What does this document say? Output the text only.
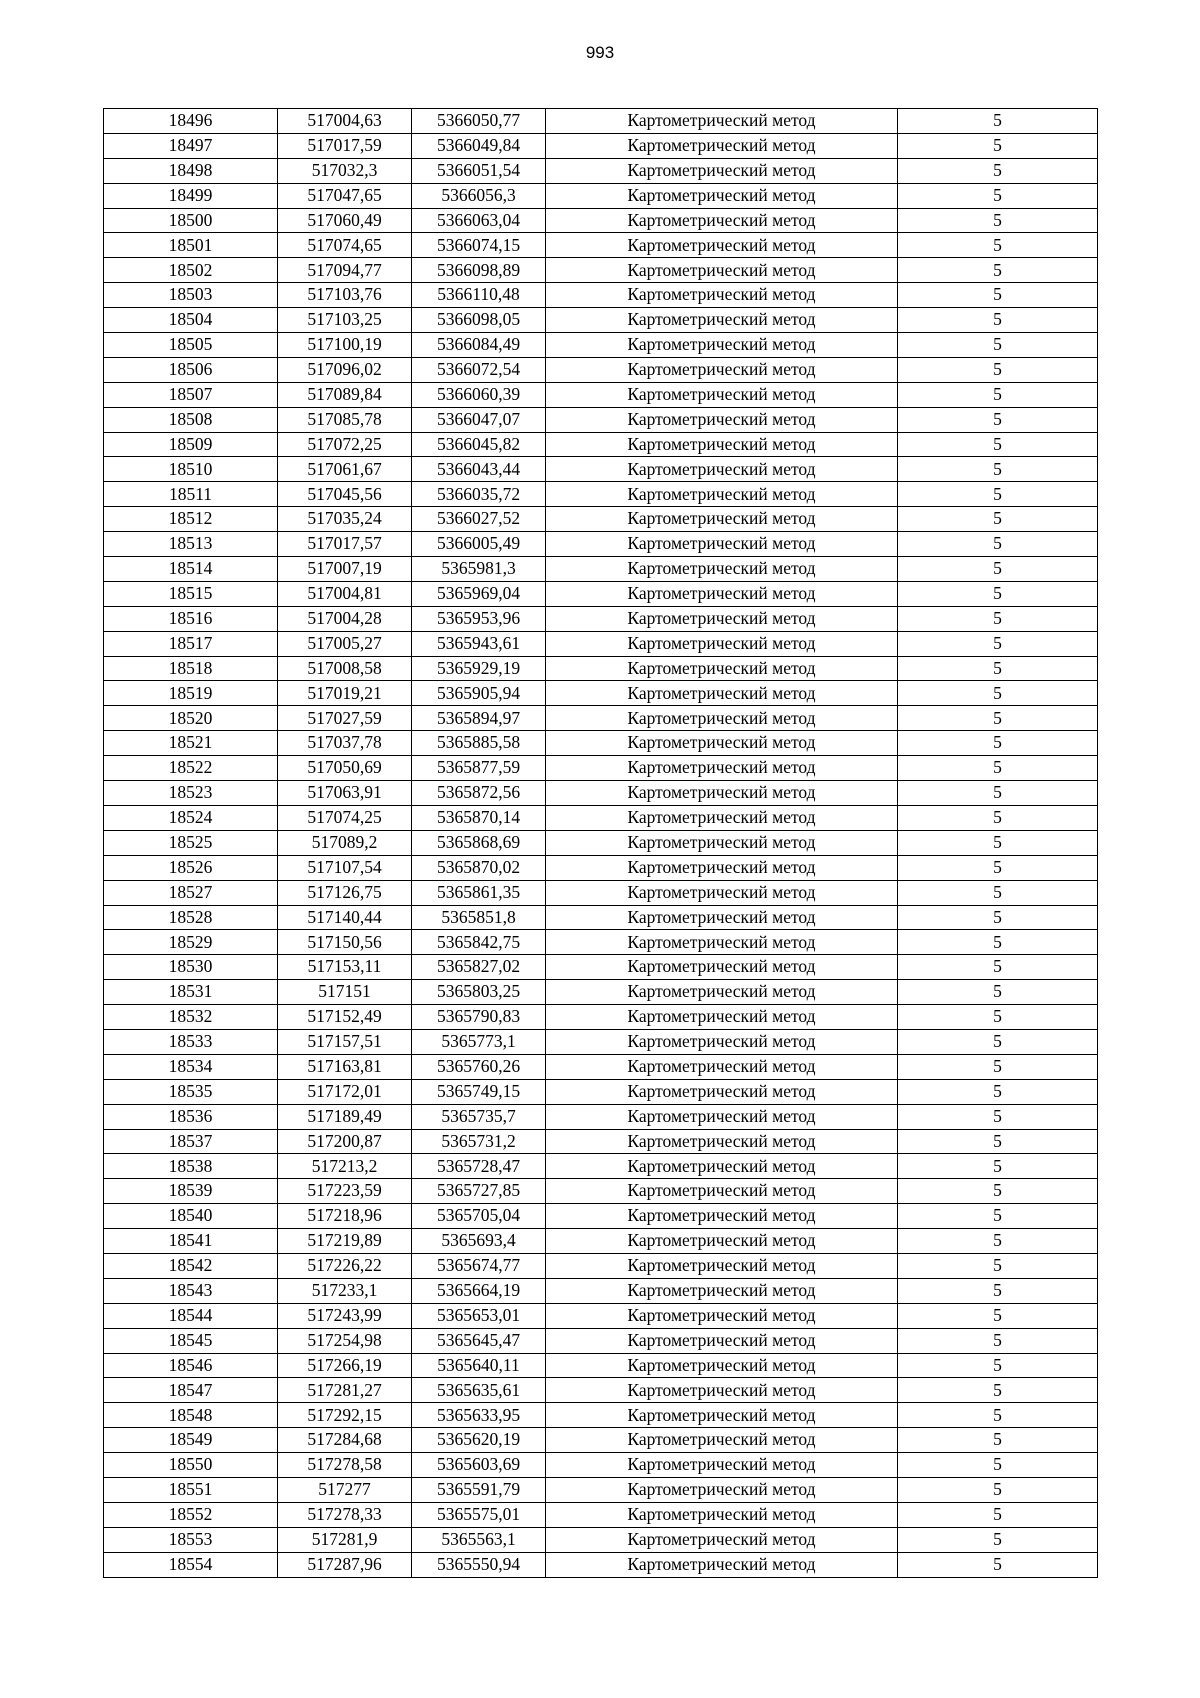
993
18496	517004,63	5366050,77	Картометрический метод	5
18497	517017,59	5366049,84	Картометрический метод	5
18498	517032,3	5366051,54	Картометрический метод	5
18499	517047,65	5366056,3	Картометрический метод	5
18500	517060,49	5366063,04	Картометрический метод	5
18501	517074,65	5366074,15	Картометрический метод	5
18502	517094,77	5366098,89	Картометрический метод	5
18503	517103,76	5366110,48	Картометрический метод	5
18504	517103,25	5366098,05	Картометрический метод	5
18505	517100,19	5366084,49	Картометрический метод	5
18506	517096,02	5366072,54	Картометрический метод	5
18507	517089,84	5366060,39	Картометрический метод	5
18508	517085,78	5366047,07	Картометрический метод	5
18509	517072,25	5366045,82	Картометрический метод	5
18510	517061,67	5366043,44	Картометрический метод	5
18511	517045,56	5366035,72	Картометрический метод	5
18512	517035,24	5366027,52	Картометрический метод	5
18513	517017,57	5366005,49	Картометрический метод	5
18514	517007,19	5365981,3	Картометрический метод	5
18515	517004,81	5365969,04	Картометрический метод	5
18516	517004,28	5365953,96	Картометрический метод	5
18517	517005,27	5365943,61	Картометрический метод	5
18518	517008,58	5365929,19	Картометрический метод	5
18519	517019,21	5365905,94	Картометрический метод	5
18520	517027,59	5365894,97	Картометрический метод	5
18521	517037,78	5365885,58	Картометрический метод	5
18522	517050,69	5365877,59	Картометрический метод	5
18523	517063,91	5365872,56	Картометрический метод	5
18524	517074,25	5365870,14	Картометрический метод	5
18525	517089,2	5365868,69	Картометрический метод	5
18526	517107,54	5365870,02	Картометрический метод	5
18527	517126,75	5365861,35	Картометрический метод	5
18528	517140,44	5365851,8	Картометрический метод	5
18529	517150,56	5365842,75	Картометрический метод	5
18530	517153,11	5365827,02	Картометрический метод	5
18531	517151	5365803,25	Картометрический метод	5
18532	517152,49	5365790,83	Картометрический метод	5
18533	517157,51	5365773,1	Картометрический метод	5
18534	517163,81	5365760,26	Картометрический метод	5
18535	517172,01	5365749,15	Картометрический метод	5
18536	517189,49	5365735,7	Картометрический метод	5
18537	517200,87	5365731,2	Картометрический метод	5
18538	517213,2	5365728,47	Картометрический метод	5
18539	517223,59	5365727,85	Картометрический метод	5
18540	517218,96	5365705,04	Картометрический метод	5
18541	517219,89	5365693,4	Картометрический метод	5
18542	517226,22	5365674,77	Картометрический метод	5
18543	517233,1	5365664,19	Картометрический метод	5
18544	517243,99	5365653,01	Картометрический метод	5
18545	517254,98	5365645,47	Картометрический метод	5
18546	517266,19	5365640,11	Картометрический метод	5
18547	517281,27	5365635,61	Картометрический метод	5
18548	517292,15	5365633,95	Картометрический метод	5
18549	517284,68	5365620,19	Картометрический метод	5
18550	517278,58	5365603,69	Картометрический метод	5
18551	517277	5365591,79	Картометрический метод	5
18552	517278,33	5365575,01	Картометрический метод	5
18553	517281,9	5365563,1	Картометрический метод	5
18554	517287,96	5365550,94	Картометрический метод	5
